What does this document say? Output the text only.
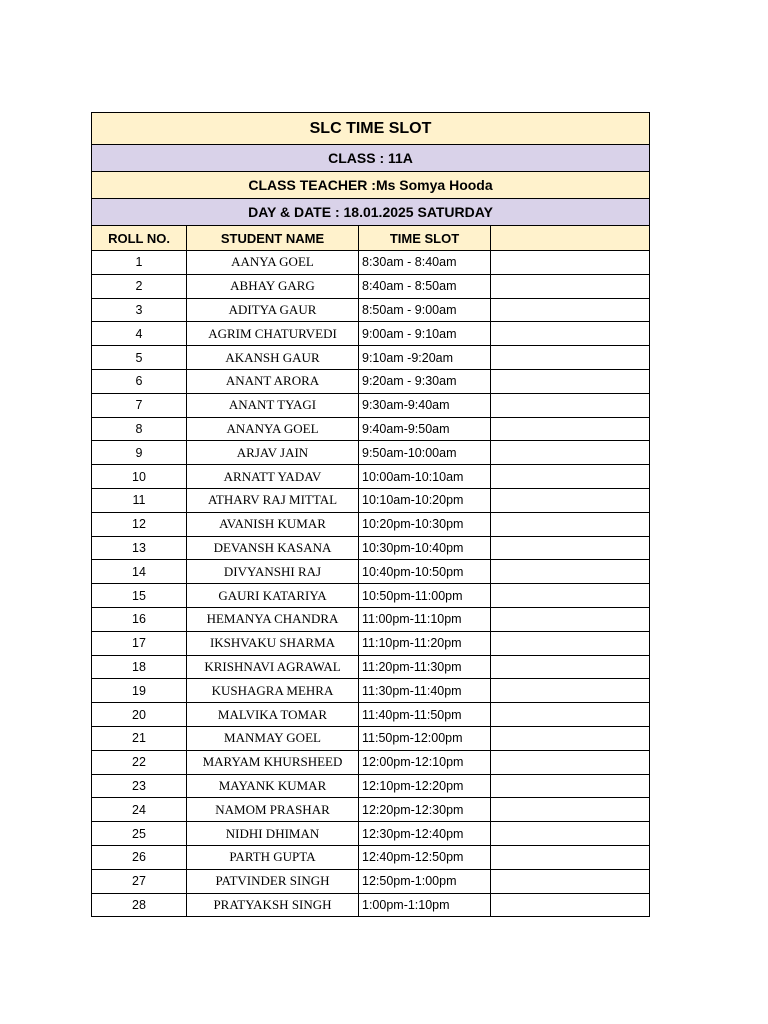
SLC TIME SLOT			
CLASS : 11A			
CLASS TEACHER :Ms Somya Hooda			
DAY & DATE : 18.01.2025 SATURDAY			
ROLL NO.	STUDENT NAME	TIME SLOT	
1	AANYA GOEL	8:30am - 8:40am	
2	ABHAY GARG	8:40am - 8:50am	
3	ADITYA GAUR	8:50am - 9:00am	
4	AGRIM CHATURVEDI	9:00am - 9:10am	
5	AKANSH GAUR	9:10am -9:20am	
6	ANANT ARORA	9:20am - 9:30am	
7	ANANT TYAGI	9:30am-9:40am	
8	ANANYA GOEL	9:40am-9:50am	
9	ARJAV JAIN	9:50am-10:00am	
10	ARNATT YADAV	10:00am-10:10am	
11	ATHARV RAJ MITTAL	10:10am-10:20pm	
12	AVANISH KUMAR	10:20pm-10:30pm	
13	DEVANSH KASANA	10:30pm-10:40pm	
14	DIVYANSHI RAJ	10:40pm-10:50pm	
15	GAURI KATARIYA	10:50pm-11:00pm	
16	HEMANYA CHANDRA	11:00pm-11:10pm	
17	IKSHVAKU SHARMA	11:10pm-11:20pm	
18	KRISHNAVI AGRAWAL	11:20pm-11:30pm	
19	KUSHAGRA MEHRA	11:30pm-11:40pm	
20	MALVIKA TOMAR	11:40pm-11:50pm	
21	MANMAY GOEL	11:50pm-12:00pm	
22	MARYAM KHURSHEED	12:00pm-12:10pm	
23	MAYANK KUMAR	12:10pm-12:20pm	
24	NAMOM PRASHAR	12:20pm-12:30pm	
25	NIDHI DHIMAN	12:30pm-12:40pm	
26	PARTH GUPTA	12:40pm-12:50pm	
27	PATVINDER SINGH	12:50pm-1:00pm	
28	PRATYAKSH SINGH	1:00pm-1:10pm	
